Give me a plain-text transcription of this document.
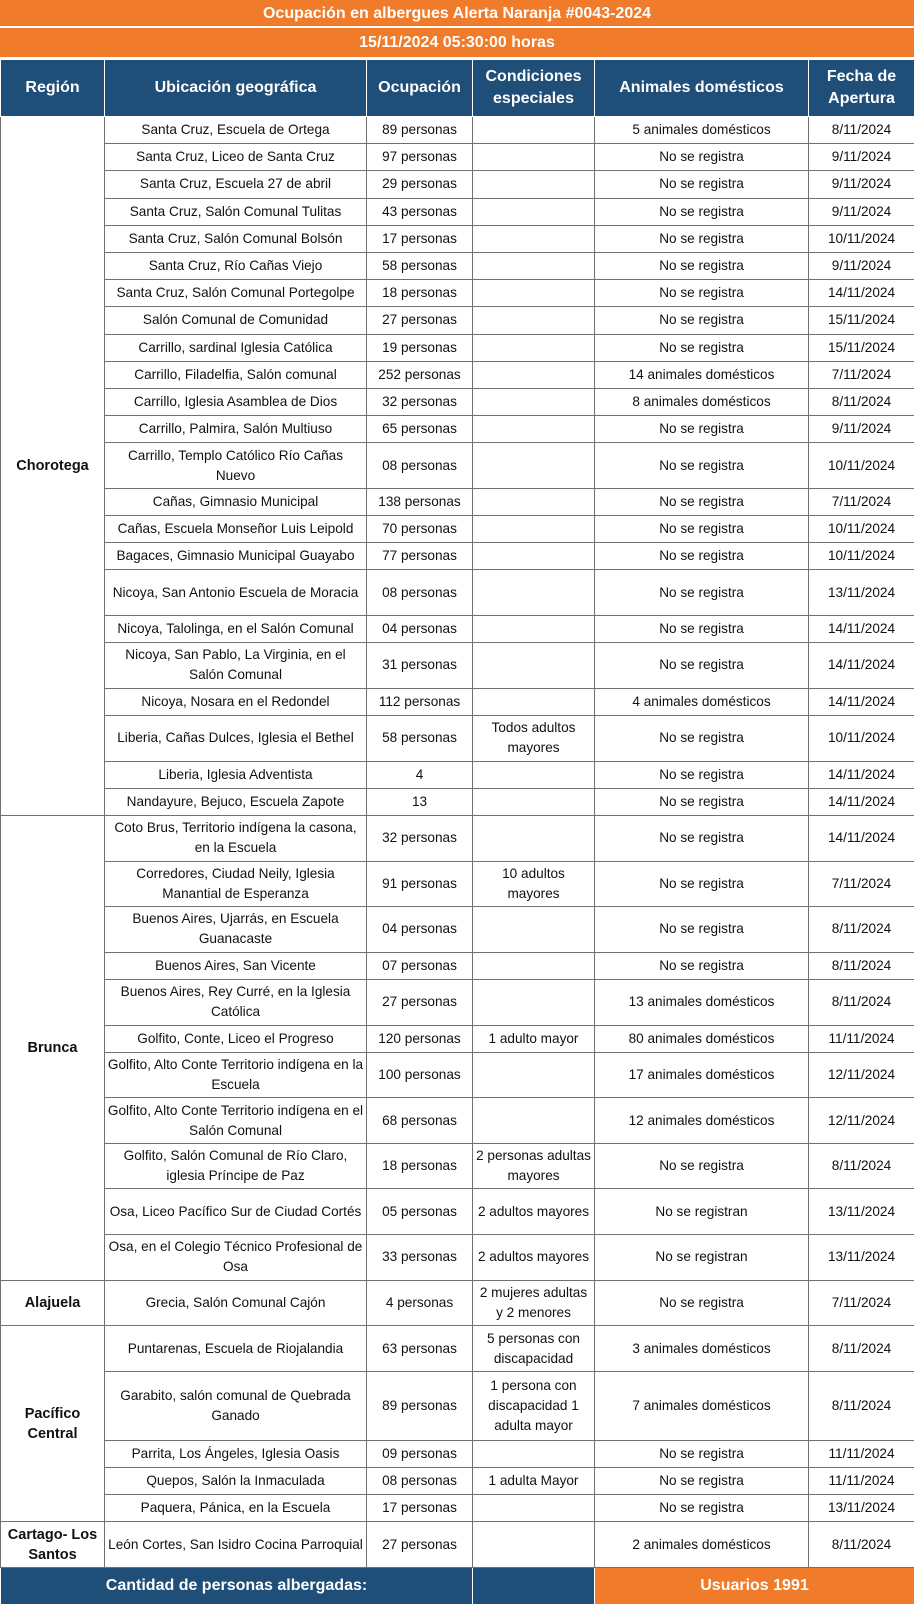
Ocupación en albergues Alerta Naranja #0043-2024
15/11/2024 05:30:00 horas
Región	Ubicación geográfica	Ocupación	Condiciones especiales	Animales domésticos	Fecha de Apertura
Chorotega	Santa Cruz, Escuela de Ortega	89 personas		5 animales domésticos	8/11/2024
	Santa Cruz, Liceo de Santa Cruz	97 personas		No se registra	9/11/2024
	Santa Cruz, Escuela 27 de abril	29 personas		No se registra	9/11/2024
	Santa Cruz, Salón Comunal Tulitas	43 personas		No se registra	9/11/2024
	Santa Cruz, Salón Comunal Bolsón	17 personas		No se registra	10/11/2024
	Santa Cruz, Río Cañas Viejo	58 personas		No se registra	9/11/2024
	Santa Cruz, Salón Comunal Portegolpe	18 personas		No se registra	14/11/2024
	Salón Comunal de Comunidad	27 personas		No se registra	15/11/2024
	Carrillo, sardinal Iglesia Católica	19 personas		No se registra	15/11/2024
	Carrillo, Filadelfia, Salón comunal	252 personas		14 animales domésticos	7/11/2024
	Carrillo, Iglesia Asamblea de Dios	32 personas		8 animales domésticos	8/11/2024
	Carrillo, Palmira, Salón Multiuso	65 personas		No se registra	9/11/2024
	Carrillo, Templo Católico Río Cañas Nuevo	08 personas		No se registra	10/11/2024
	Cañas, Gimnasio Municipal	138 personas		No se registra	7/11/2024
	Cañas, Escuela Monseñor Luis Leipold	70 personas		No se registra	10/11/2024
	Bagaces, Gimnasio Municipal Guayabo	77 personas		No se registra	10/11/2024
	Nicoya, San Antonio Escuela de Moracia	08 personas		No se registra	13/11/2024
	Nicoya, Talolinga, en el Salón Comunal	04 personas		No se registra	14/11/2024
	Nicoya, San Pablo, La Virginia, en el Salón Comunal	31 personas		No se registra	14/11/2024
	Nicoya, Nosara en el Redondel	112 personas		4 animales domésticos	14/11/2024
	Liberia, Cañas Dulces, Iglesia el Bethel	58 personas	Todos adultos mayores	No se registra	10/11/2024
	Liberia, Iglesia Adventista	4		No se registra	14/11/2024
	Nandayure, Bejuco, Escuela Zapote	13		No se registra	14/11/2024
Brunca	Coto Brus, Territorio indígena la casona, en la Escuela	32 personas		No se registra	14/11/2024
	Corredores, Ciudad Neily, Iglesia Manantial de Esperanza	91 personas	10 adultos mayores	No se registra	7/11/2024
	Buenos Aires, Ujarrás, en Escuela Guanacaste	04 personas		No se registra	8/11/2024
	Buenos Aires, San Vicente	07 personas		No se registra	8/11/2024
	Buenos Aires, Rey Curré, en la Iglesia Católica	27 personas		13 animales domésticos	8/11/2024
	Golfito, Conte, Liceo el Progreso	120 personas	1 adulto mayor	80 animales domésticos	11/11/2024
	Golfito, Alto Conte Territorio indígena en la Escuela	100 personas		17 animales domésticos	12/11/2024
	Golfito, Alto Conte Territorio indígena en el Salón Comunal	68 personas		12 animales domésticos	12/11/2024
	Golfito, Salón Comunal de Río Claro, iglesia Príncipe de Paz	18 personas	2 personas adultas mayores	No se registra	8/11/2024
	Osa, Liceo Pacífico Sur de Ciudad Cortés	05 personas	2 adultos mayores	No se registran	13/11/2024
	Osa, en el Colegio Técnico Profesional de Osa	33 personas	2 adultos mayores	No se registran	13/11/2024
Alajuela	Grecia, Salón Comunal Cajón	4 personas	2 mujeres adultas y 2 menores	No se registra	7/11/2024
Pacífico Central	Puntarenas, Escuela de Riojalandia	63 personas	5 personas con discapacidad	3 animales domésticos	8/11/2024
	Garabito, salón comunal de Quebrada Ganado	89 personas	1 persona con discapacidad 1 adulta mayor	7 animales domésticos	8/11/2024
	Parrita, Los Ángeles, Iglesia Oasis	09 personas		No se registra	11/11/2024
	Quepos, Salón la Inmaculada	08 personas	1 adulta Mayor	No se registra	11/11/2024
	Paquera, Pánica, en la Escuela	17 personas		No se registra	13/11/2024
Cartago- Los Santos	León Cortes, San Isidro Cocina Parroquial	27 personas		2 animales domésticos	8/11/2024
Cantidad de personas albergadas:				Usuarios 1991	
